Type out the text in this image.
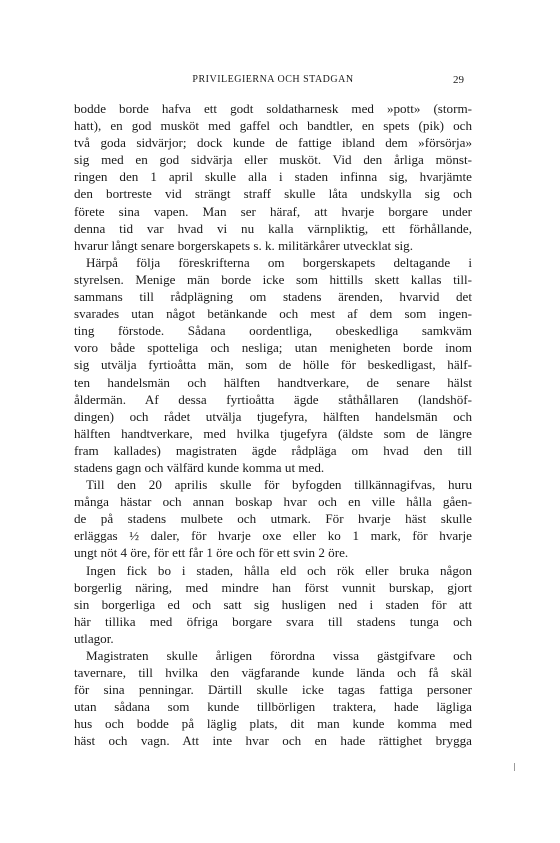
PRIVILEGIERNA OCH STADGAN	29
bodde borde hafva ett godt soldatharnesk med »pott» (storm-
hatt), en god musköt med gaffel och bandtler, en spets (pik) och
två goda sidvärjor; dock kunde de fattige ibland dem »försörja»
sig med en god sidvärja eller musköt. Vid den årliga mönst-
ringen den 1 april skulle alla i staden infinna sig, hvarjämte
den bortreste vid strängt straff skulle låta undskylla sig och
förete sina vapen. Man ser häraf, att hvarje borgare under
denna tid var hvad vi nu kalla värnpliktig, ett förhållande,
hvarur långt senare borgerskapets s. k. militärkårer utvecklat sig.
Härpå följa föreskrifterna om borgerskapets deltagande i
styrelsen. Menige män borde icke som hittills skett kallas till-
sammans till rådplägning om stadens ärenden, hvarvid det
svarades utan något betänkande och mest af dem som ingen-
ting förstode. Sådana oordentliga, obeskedliga samkväm
voro både spotteliga och nesliga; utan menigheten borde inom
sig utvälja fyrtioåtta män, som de hölle för beskedligast, hälf-
ten handelsmän och hälften handtverkare, de senare hälst
åldermän. Af dessa fyrtioåtta ägde ståthållaren (landshöf-
dingen) och rådet utvälja tjugefyra, hälften handelsmän och
hälften handtverkare, med hvilka tjugefyra (äldste som de längre
fram kallades) magistraten ägde rådplägа om hvad den till
stadens gagn och välfärd kunde komma ut med.
Till den 20 aprilis skulle för byfogden tillkännagifvas, huru
många hästar och annan boskap hvar och en ville hålla gåen-
de på stadens mulbete och utmark. För hvarje häst skulle
erläggas ½ daler, för hvarje oxe eller ko 1 mark, för hvarje
ungt nöt 4 öre, för ett får 1 öre och för ett svin 2 öre.
Ingen fick bo i staden, hålla eld och rök eller bruka någon
borgerlig näring, med mindre han först vunnit burskap, gjort
sin borgerliga ed och satt sig husligen ned i staden för att
här tillika med öfriga borgare svara till stadens tunga och
utlagor.
Magistraten skulle årligen förordna vissa gästgifvare och
tavernare, till hvilka den vägfarande kunde lända och få skäl
för sina penningar. Därtill skulle icke tagas fattiga personer
utan sådana som kunde tillbörligen traktera, hade lägliga
hus och bodde på läglig plats, dit man kunde komma med
häst och vagn. Att inte hvar och en hade rättighet brygga
